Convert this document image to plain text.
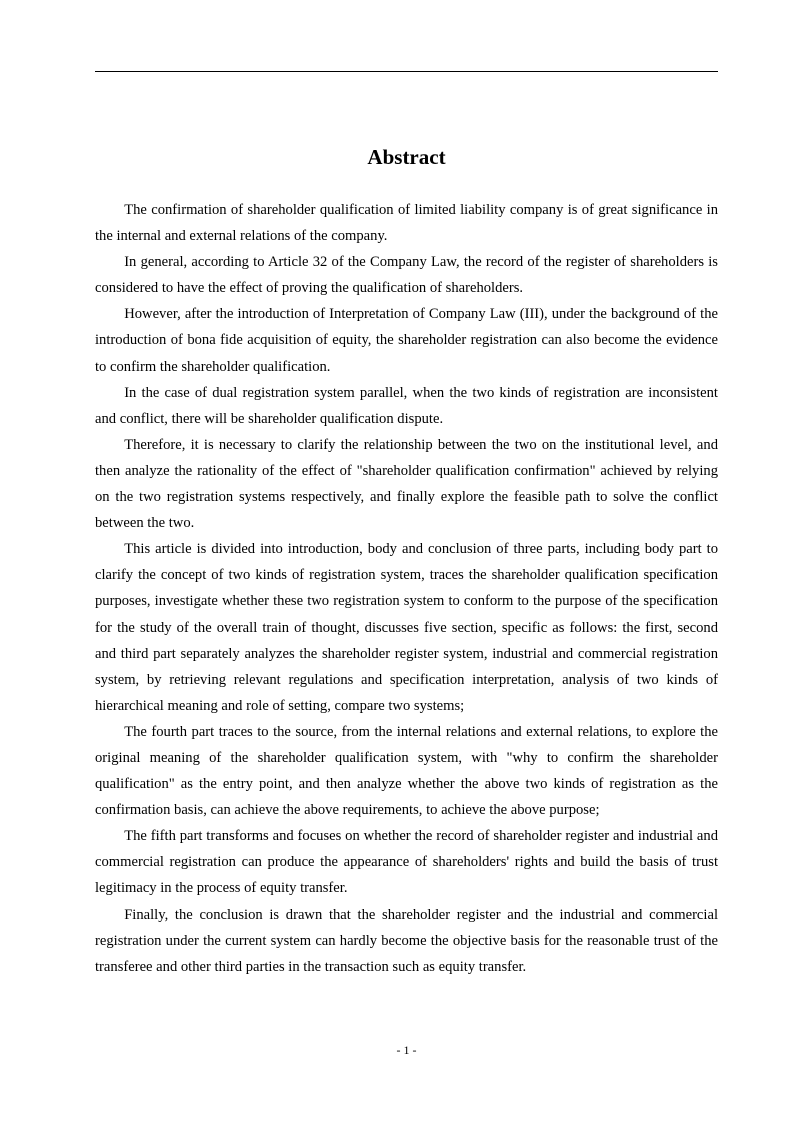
Abstract

The confirmation of shareholder qualification of limited liability company is of great significance in the internal and external relations of the company.

In general, according to Article 32 of the Company Law, the record of the register of shareholders is considered to have the effect of proving the qualification of shareholders.

However, after the introduction of Interpretation of Company Law (III), under the background of the introduction of bona fide acquisition of equity, the shareholder registration can also become the evidence to confirm the shareholder qualification.

In the case of dual registration system parallel, when the two kinds of registration are inconsistent and conflict, there will be shareholder qualification dispute.

Therefore, it is necessary to clarify the relationship between the two on the institutional level, and then analyze the rationality of the effect of "shareholder qualification confirmation" achieved by relying on the two registration systems respectively, and finally explore the feasible path to solve the conflict between the two.

This article is divided into introduction, body and conclusion of three parts, including body part to clarify the concept of two kinds of registration system, traces the shareholder qualification specification purposes, investigate whether these two registration system to conform to the purpose of the specification for the study of the overall train of thought, discusses five section, specific as follows: the first, second and third part separately analyzes the shareholder register system, industrial and commercial registration system, by retrieving relevant regulations and specification interpretation, analysis of two kinds of hierarchical meaning and role of setting, compare two systems;

The fourth part traces to the source, from the internal relations and external relations, to explore the original meaning of the shareholder qualification system, with "why to confirm the shareholder qualification" as the entry point, and then analyze whether the above two kinds of registration as the confirmation basis, can achieve the above requirements, to achieve the above purpose;

The fifth part transforms and focuses on whether the record of shareholder register and industrial and commercial registration can produce the appearance of shareholders' rights and build the basis of trust legitimacy in the process of equity transfer.

Finally, the conclusion is drawn that the shareholder register and the industrial and commercial registration under the current system can hardly become the objective basis for the reasonable trust of the transferee and other third parties in the transaction such as equity transfer.

- 1 -
